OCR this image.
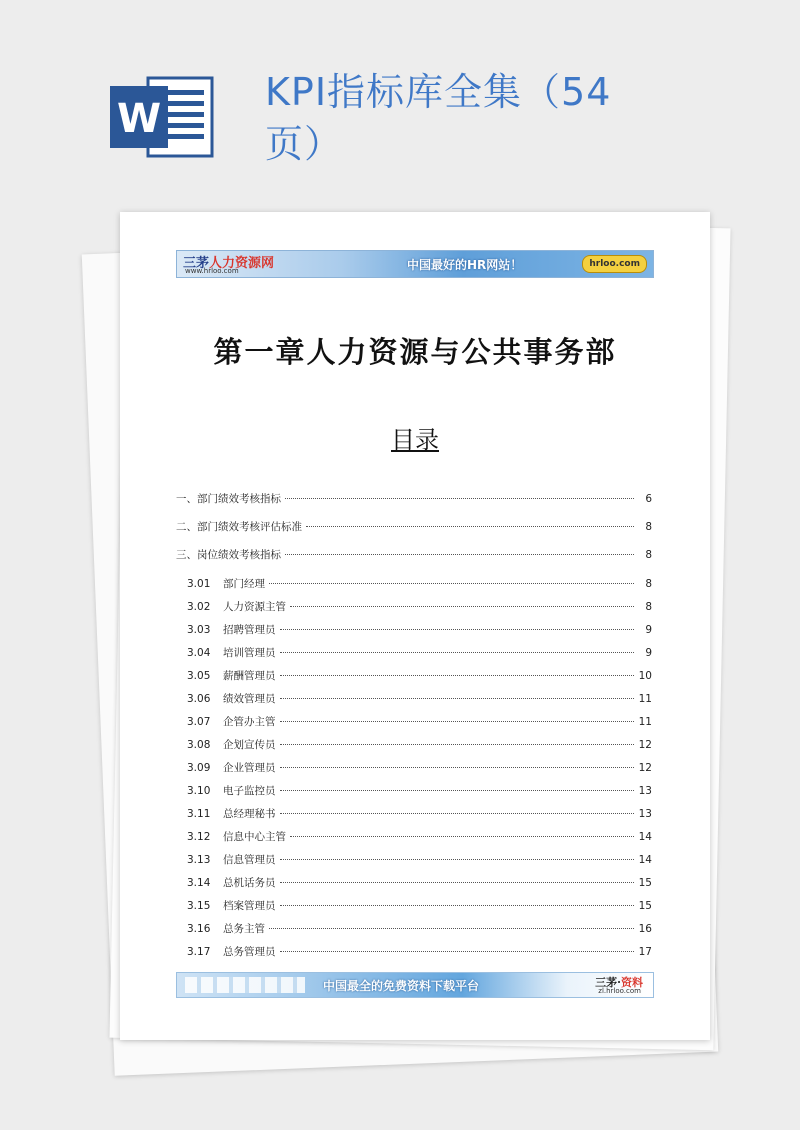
W
KPI指标库全集（54页）
三茅人力资源网
www.hrloo.com	中国最好的HR网站！	hrloo.com
第一章人力资源与公共事务部
目录
一、部门绩效考核指标	6
二、部门绩效考核评估标准	8
三、岗位绩效考核指标	8
3.01	部门经理	8
3.02	人力资源主管	8
3.03	招聘管理员	9
3.04	培训管理员	9
3.05	薪酬管理员	10
3.06	绩效管理员	11
3.07	企管办主管	11
3.08	企划宣传员	12
3.09	企业管理员	12
3.10	电子监控员	13
3.11	总经理秘书	13
3.12	信息中心主管	14
3.13	信息管理员	14
3.14	总机话务员	15
3.15	档案管理员	15
3.16	总务主管	16
3.17	总务管理员	17
中国最全的免费资料下载平台	三茅·资料
zl.hrloo.com
